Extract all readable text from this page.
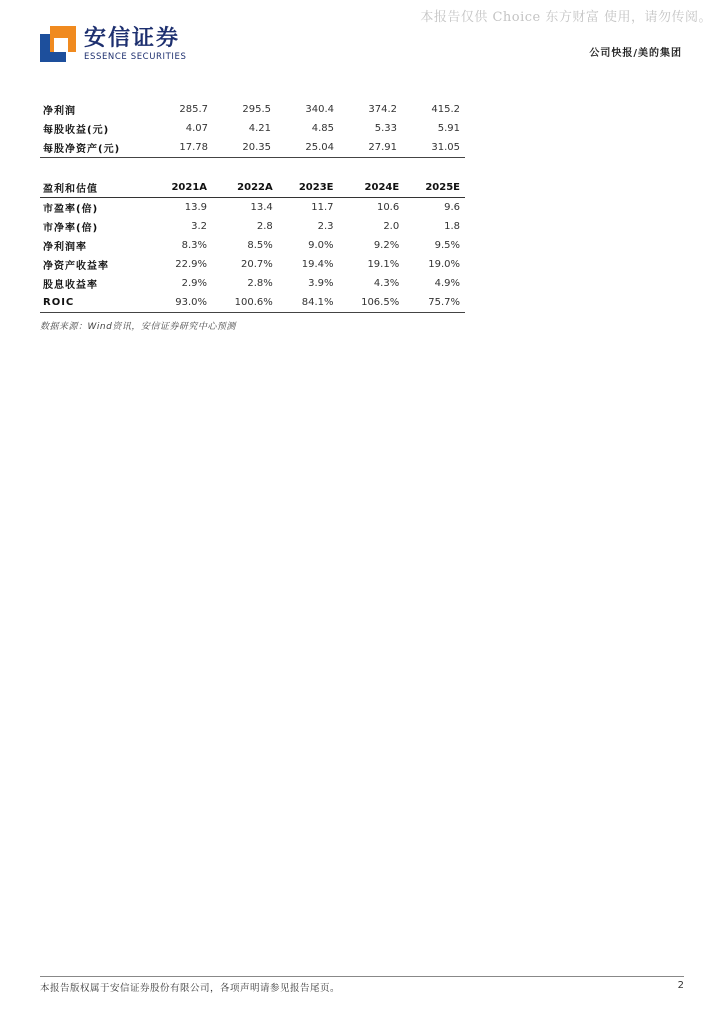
本报告仅供 Choice 东方财富 使用，请勿传阅。
安信证券
ESSENCE SECURITIES	公司快报/美的集团
净利润	285.7	295.5	340.4	374.2	415.2
每股收益(元)	4.07	4.21	4.85	5.33	5.91
每股净资产(元)	17.78	20.35	25.04	27.91	31.05
盈利和估值	2021A	2022A	2023E	2024E	2025E
市盈率(倍)	13.9	13.4	11.7	10.6	9.6
市净率(倍)	3.2	2.8	2.3	2.0	1.8
净利润率	8.3%	8.5%	9.0%	9.2%	9.5%
净资产收益率	22.9%	20.7%	19.4%	19.1%	19.0%
股息收益率	2.9%	2.8%	3.9%	4.3%	4.9%
ROIC	93.0%	100.6%	84.1%	106.5%	75.7%
数据来源：Wind资讯，安信证券研究中心预测
本报告版权属于安信证券股份有限公司，各项声明请参见报告尾页。	2
